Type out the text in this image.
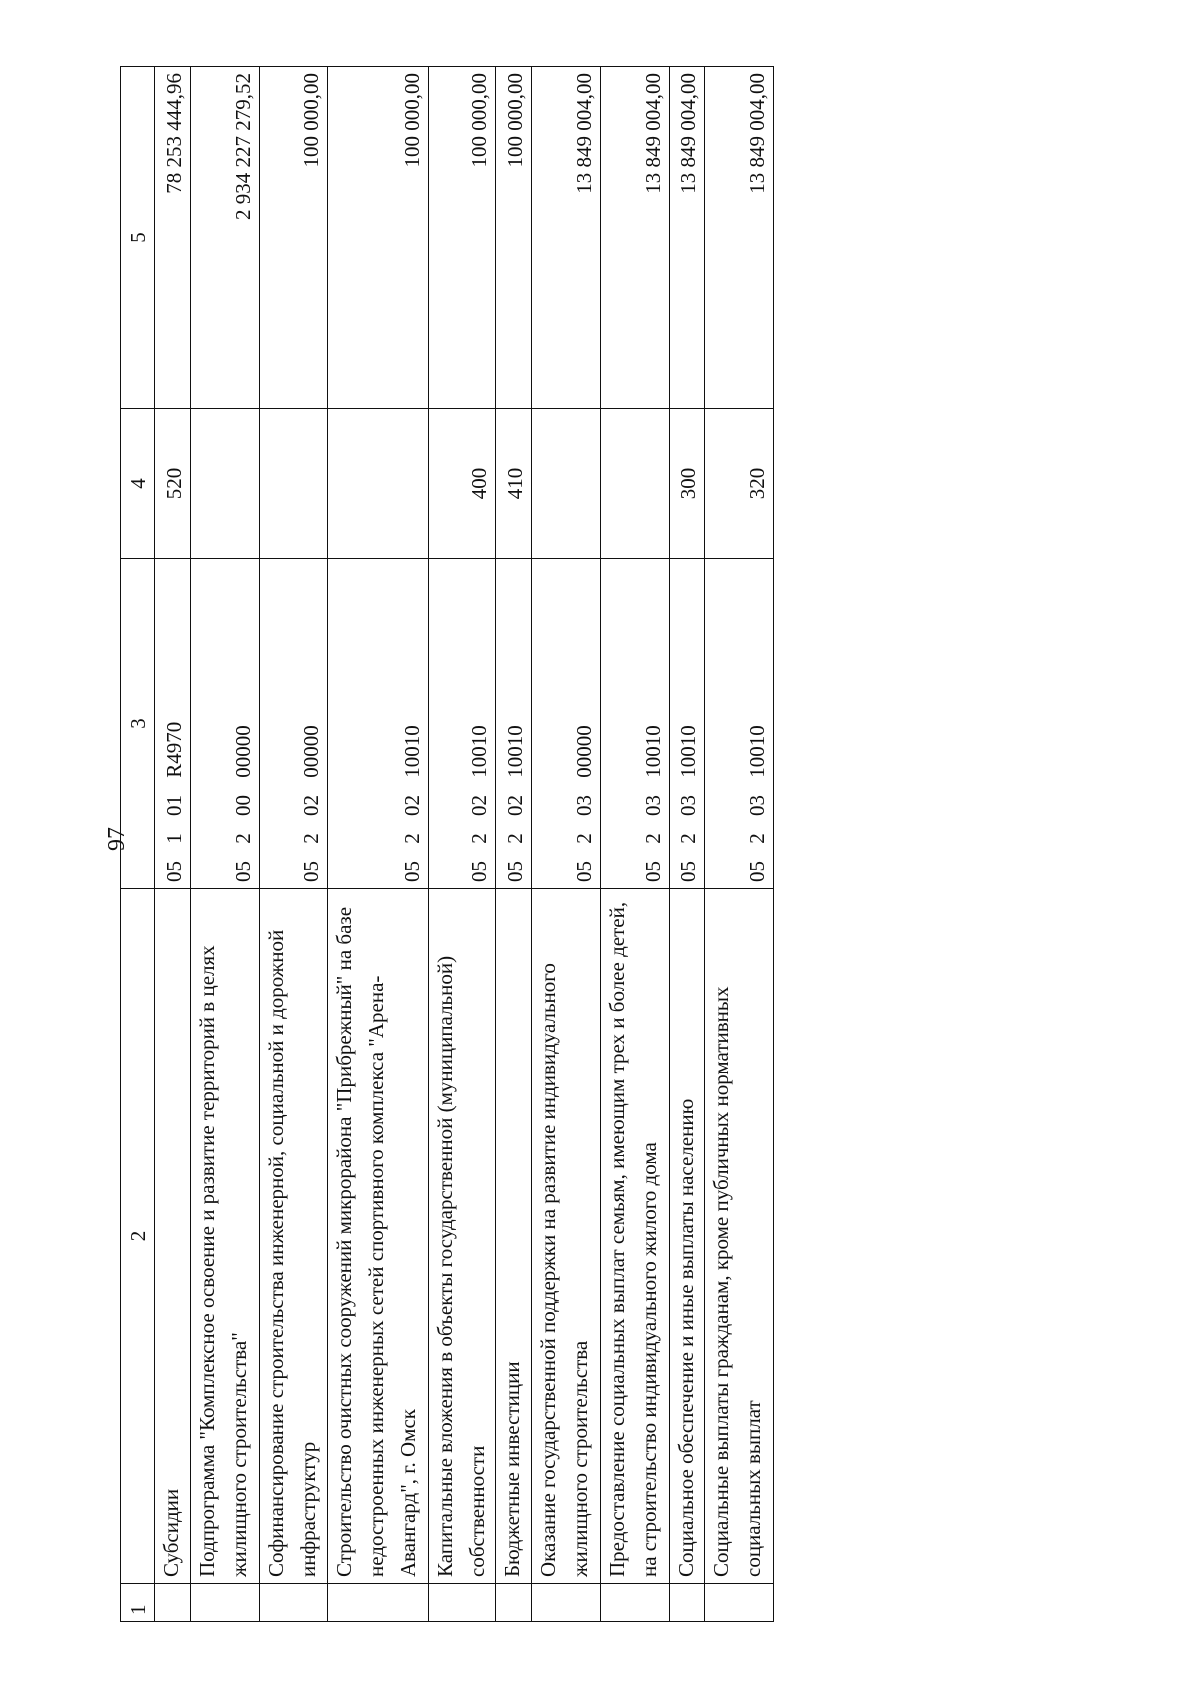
97
1	2	3	4	5
	Субсидии	05 1 01 R4970	520	78 253 444,96
	Подпрограмма "Комплексное освоение и развитие территорий в целях жилищного строительства"	05 2 00 00000		2 934 227 279,52
	Софинансирование строительства инженерной, социальной и дорожной инфраструктур	05 2 02 00000		100 000,00
	Строительство очистных сооружений микрорайона "Прибрежный" на базе недостроенных инженерных сетей спортивного комплекса "Арена-Авангард", г. Омск	05 2 02 10010		100 000,00
	Капитальные вложения в объекты государственной (муниципальной) собственности	05 2 02 10010	400	100 000,00
	Бюджетные инвестиции	05 2 02 10010	410	100 000,00
	Оказание государственной поддержки на развитие индивидуального жилищного строительства	05 2 03 00000		13 849 004,00
	Предоставление социальных выплат семьям, имеющим трех и более детей, на строительство индивидуального жилого дома	05 2 03 10010		13 849 004,00
	Социальное обеспечение и иные выплаты населению	05 2 03 10010	300	13 849 004,00
	Социальные выплаты гражданам, кроме публичных нормативных социальных выплат	05 2 03 10010	320	13 849 004,00
